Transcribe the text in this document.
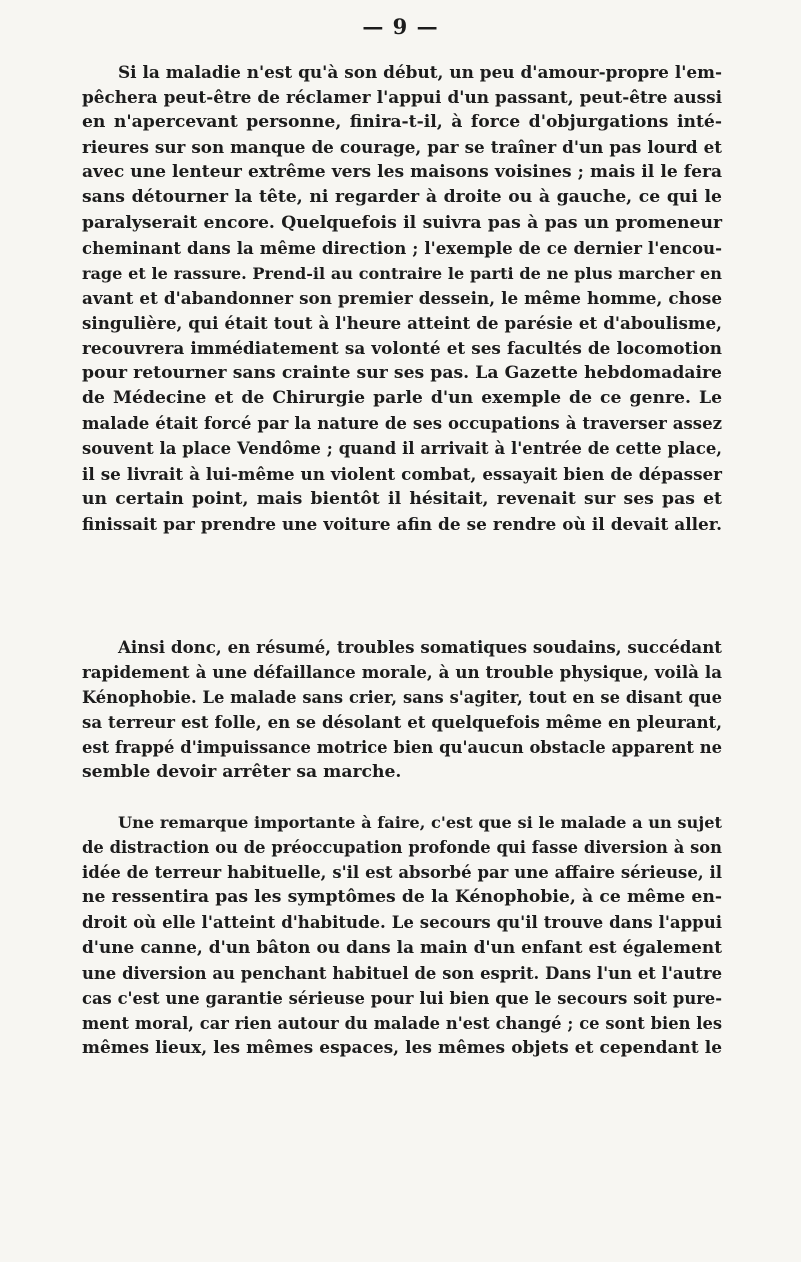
— 9 —
Si la maladie n'est qu'à son début, un peu d'amour-propre l'em-
pêchera peut-être de réclamer l'appui d'un passant, peut-être aussi
en n'apercevant personne, finira-t-il, à force d'objurgations inté-
rieures sur son manque de courage, par se traîner d'un pas lourd et
avec une lenteur extrême vers les maisons voisines ; mais il le fera
sans détourner la tête, ni regarder à droite ou à gauche, ce qui le
paralyserait encore. Quelquefois il suivra pas à pas un promeneur
cheminant dans la même direction ; l'exemple de ce dernier l'encou-
rage et le rassure. Prend-il au contraire le parti de ne plus marcher en
avant et d'abandonner son premier dessein, le même homme, chose
singulière, qui était tout à l'heure atteint de parésie et d'aboulisme,
recouvrera immédiatement sa volonté et ses facultés de locomotion
pour retourner sans crainte sur ses pas. La Gazette hebdomadaire
de Médecine et de Chirurgie parle d'un exemple de ce genre. Le
malade était forcé par la nature de ses occupations à traverser assez
souvent la place Vendôme ; quand il arrivait à l'entrée de cette place,
il se livrait à lui-même un violent combat, essayait bien de dépasser
un certain point, mais bientôt il hésitait, revenait sur ses pas et
finissait par prendre une voiture afin de se rendre où il devait aller.
Ainsi donc, en résumé, troubles somatiques soudains, succédant
rapidement à une défaillance morale, à un trouble physique, voilà la
Kénophobie. Le malade sans crier, sans s'agiter, tout en se disant que
sa terreur est folle, en se désolant et quelquefois même en pleurant,
est frappé d'impuissance motrice bien qu'aucun obstacle apparent ne
semble devoir arrêter sa marche.
Une remarque importante à faire, c'est que si le malade a un sujet
de distraction ou de préoccupation profonde qui fasse diversion à son
idée de terreur habituelle, s'il est absorbé par une affaire sérieuse, il
ne ressentira pas les symptômes de la Kénophobie, à ce même en-
droit où elle l'atteint d'habitude. Le secours qu'il trouve dans l'appui
d'une canne, d'un bâton ou dans la main d'un enfant est également
une diversion au penchant habituel de son esprit. Dans l'un et l'autre
cas c'est une garantie sérieuse pour lui bien que le secours soit pure-
ment moral, car rien autour du malade n'est changé ; ce sont bien les
mêmes lieux, les mêmes espaces, les mêmes objets et cependant le
